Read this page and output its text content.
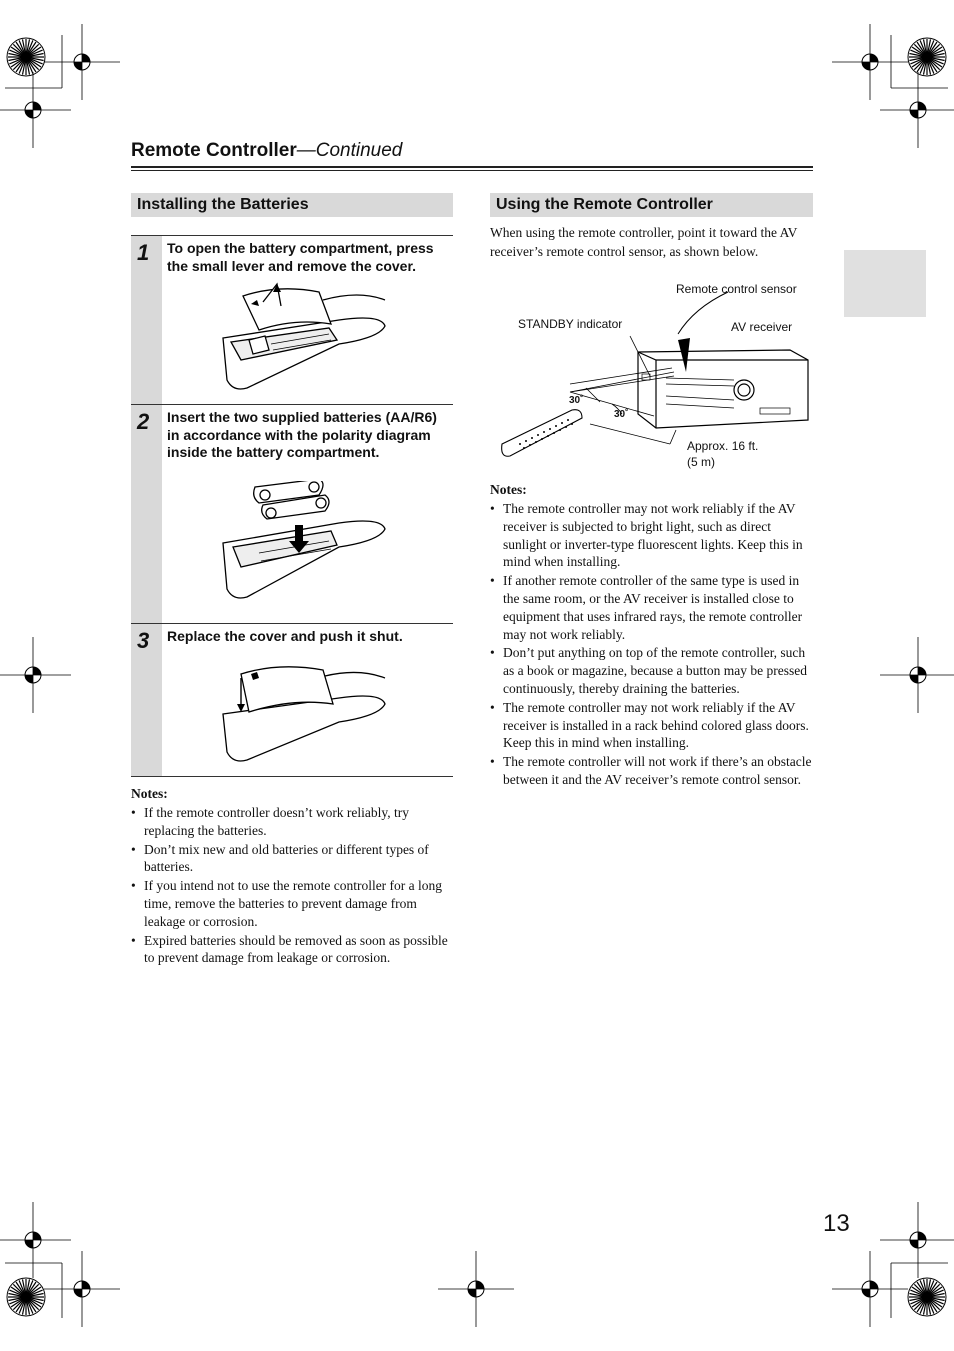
Remote Controller—Continued
Installing the Batteries
1 To open the battery compartment, press the small lever and remove the cover.
2 Insert the two supplied batteries (AA/R6) in accordance with the polarity diagram inside the battery compartment.
3 Replace the cover and push it shut.
Notes:
• If the remote controller doesn’t work reliably, try replacing the batteries.
• Don’t mix new and old batteries or different types of batteries.
• If you intend not to use the remote controller for a long time, remove the batteries to prevent damage from leakage or corrosion.
• Expired batteries should be removed as soon as possible to prevent damage from leakage or corrosion.
Using the Remote Controller
When using the remote controller, point it toward the AV receiver’s remote control sensor, as shown below.
Remote control sensor
STANDBY indicator	AV receiver
30˚
30˚
Approx. 16 ft.
(5 m)
Notes:
• The remote controller may not work reliably if the AV receiver is subjected to bright light, such as direct sunlight or inverter-type fluorescent lights. Keep this in mind when installing.
• If another remote controller of the same type is used in the same room, or the AV receiver is installed close to equipment that uses infrared rays, the remote controller may not work reliably.
• Don’t put anything on top of the remote controller, such as a book or magazine, because a button may be pressed continuously, thereby draining the batteries.
• The remote controller may not work reliably if the AV receiver is installed in a rack behind colored glass doors. Keep this in mind when installing.
• The remote controller will not work if there’s an obstacle between it and the AV receiver’s remote control sensor.
13
